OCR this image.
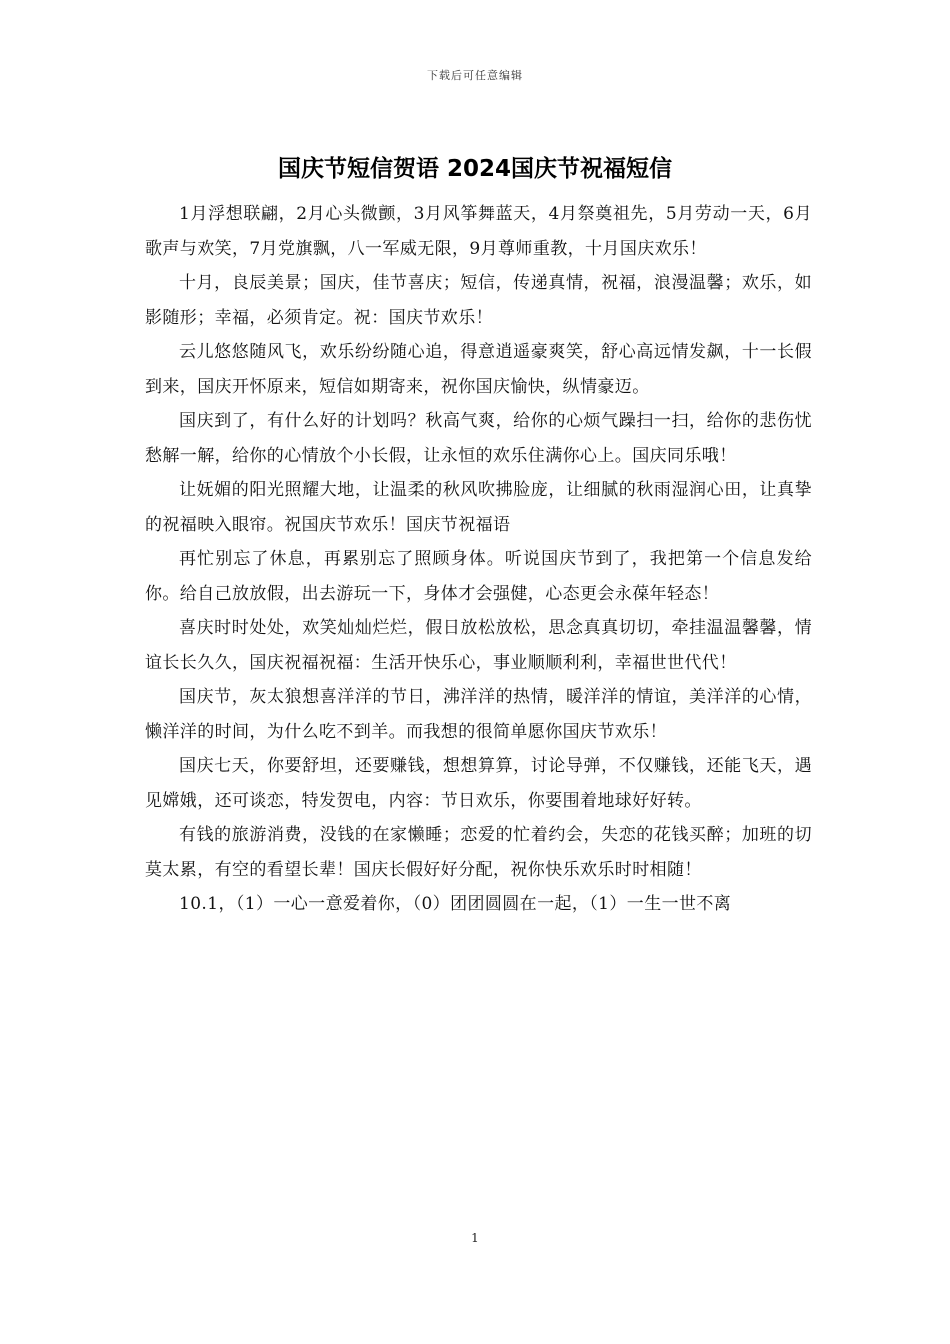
下载后可任意编辑
国庆节短信贺语 2024国庆节祝福短信

1月浮想联翩，2月心头微颤，3月风筝舞蓝天，4月祭奠祖先，5月劳动一天，6月歌声与欢笑，7月党旗飘，八一军威无限，9月尊师重教，十月国庆欢乐！

十月，良辰美景；国庆，佳节喜庆；短信，传递真情，祝福，浪漫温馨；欢乐，如影随形；幸福，必须肯定。祝：国庆节欢乐！

云儿悠悠随风飞，欢乐纷纷随心追，得意逍遥豪爽笑，舒心高远情发飙，十一长假到来，国庆开怀原来，短信如期寄来，祝你国庆愉快，纵情豪迈。

国庆到了，有什么好的计划吗？秋高气爽，给你的心烦气躁扫一扫，给你的悲伤忧愁解一解，给你的心情放个小长假，让永恒的欢乐住满你心上。国庆同乐哦！

让妩媚的阳光照耀大地，让温柔的秋风吹拂脸庞，让细腻的秋雨湿润心田，让真挚的祝福映入眼帘。祝国庆节欢乐！国庆节祝福语

再忙别忘了休息，再累别忘了照顾身体。听说国庆节到了，我把第一个信息发给你。给自己放放假，出去游玩一下，身体才会强健，心态更会永葆年轻态！

喜庆时时处处，欢笑灿灿烂烂，假日放松放松，思念真真切切，牵挂温温馨馨，情谊长长久久，国庆祝福祝福：生活开快乐心，事业顺顺利利，幸福世世代代！

国庆节，灰太狼想喜洋洋的节日，沸洋洋的热情，暖洋洋的情谊，美洋洋的心情，懒洋洋的时间，为什么吃不到羊。而我想的很简单愿你国庆节欢乐！

国庆七天，你要舒坦，还要赚钱，想想算算，讨论导弹，不仅赚钱，还能飞天，遇见嫦娥，还可谈恋，特发贺电，内容：节日欢乐，你要围着地球好好转。

有钱的旅游消费，没钱的在家懒睡；恋爱的忙着约会，失恋的花钱买醉；加班的切莫太累，有空的看望长辈！国庆长假好好分配，祝你快乐欢乐时时相随！

10.1，（1）一心一意爱着你，（0）团团圆圆在一起，（1）一生一世不离

1
